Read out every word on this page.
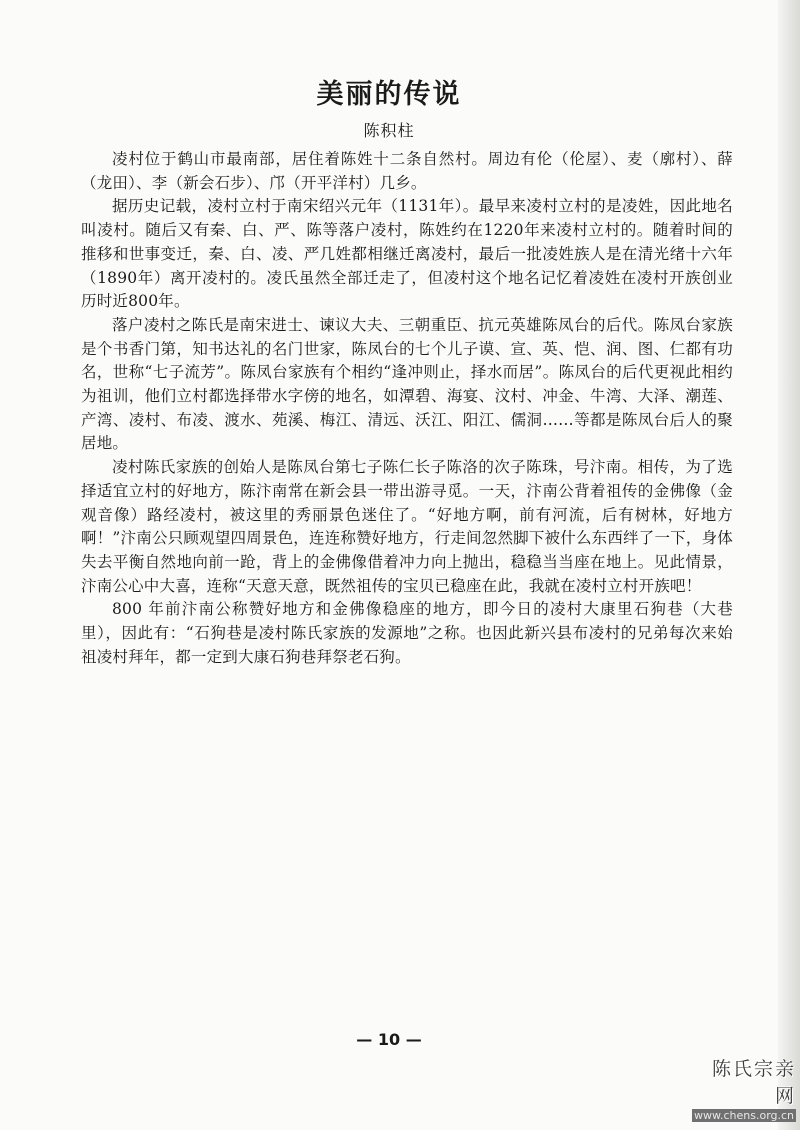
美丽的传说
陈积柱

凌村位于鹤山市最南部，居住着陈姓十二条自然村。周边有伦（伦屋）、麦（廓村）、薛（龙田）、李（新会石步）、邝（开平洋村）几乡。

据历史记载，凌村立村于南宋绍兴元年（1131年）。最早来凌村立村的是凌姓，因此地名叫凌村。随后又有秦、白、严、陈等落户凌村，陈姓约在1220年来凌村立村的。随着时间的推移和世事变迁，秦、白、凌、严几姓都相继迁离凌村，最后一批凌姓族人是在清光绪十六年（1890年）离开凌村的。凌氏虽然全部迁走了，但凌村这个地名记忆着凌姓在凌村开族创业历时近800年。

落户凌村之陈氏是南宋进士、谏议大夫、三朝重臣、抗元英雄陈凤台的后代。陈凤台家族是个书香门第，知书达礼的名门世家，陈凤台的七个儿子谟、宣、英、恺、润、图、仁都有功名，世称“七子流芳”。陈凤台家族有个相约“逢冲则止，择水而居”。陈凤台的后代更视此相约为祖训，他们立村都选择带水字傍的地名，如潭碧、海宴、汶村、冲金、牛湾、大泽、潮莲、产湾、凌村、布凌、渡水、苑溪、梅江、清远、沃江、阳江、儒洞……等都是陈凤台后人的聚居地。

凌村陈氏家族的创始人是陈凤台第七子陈仁长子陈洛的次子陈珠，号汴南。相传，为了选择适宜立村的好地方，陈汴南常在新会县一带出游寻觅。一天，汴南公背着祖传的金佛像（金观音像）路经凌村，被这里的秀丽景色迷住了。“好地方啊，前有河流，后有树林，好地方啊！”汴南公只顾观望四周景色，连连称赞好地方，行走间忽然脚下被什么东西绊了一下，身体失去平衡自然地向前一跄，背上的金佛像借着冲力向上抛出，稳稳当当座在地上。见此情景，汴南公心中大喜，连称“天意天意，既然祖传的宝贝已稳座在此，我就在凌村立村开族吧！

800 年前汴南公称赞好地方和金佛像稳座的地方，即今日的凌村大康里石狗巷（大巷里），因此有：“石狗巷是凌村陈氏家族的发源地”之称。也因此新兴县布凌村的兄弟每次来始祖凌村拜年，都一定到大康石狗巷拜祭老石狗。

— 10 —
陈氏宗亲网
www.chens.org.cn
